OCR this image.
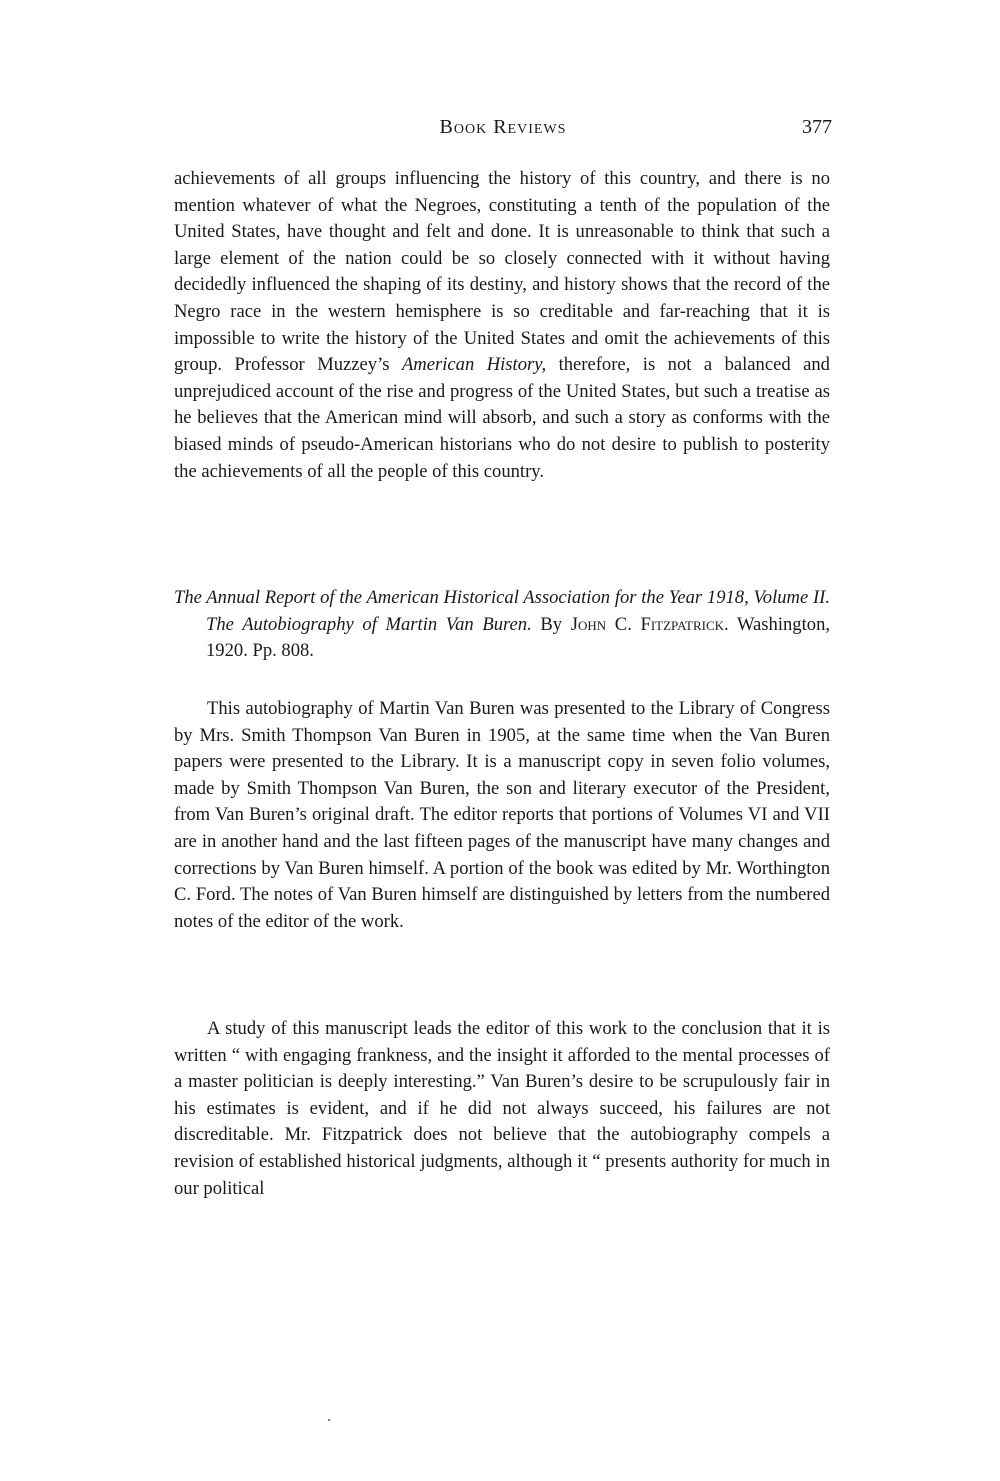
Book Reviews	377

achievements of all groups influencing the history of this country, and there is no mention whatever of what the Negroes, constituting a tenth of the population of the United States, have thought and felt and done. It is unreasonable to think that such a large element of the nation could be so closely connected with it without having decidedly influenced the shaping of its destiny, and history shows that the record of the Negro race in the western hemisphere is so creditable and far-reaching that it is impossible to write the history of the United States and omit the achievements of this group. Professor Muzzey’s American History, therefore, is not a balanced and unprejudiced account of the rise and progress of the United States, but such a treatise as he believes that the American mind will absorb, and such a story as conforms with the biased minds of pseudo-American historians who do not desire to publish to posterity the achievements of all the people of this country.

The Annual Report of the American Historical Association for the Year 1918, Volume II. The Autobiography of Martin Van Buren. By John C. Fitzpatrick. Washington, 1920. Pp. 808.

This autobiography of Martin Van Buren was presented to the Library of Congress by Mrs. Smith Thompson Van Buren in 1905, at the same time when the Van Buren papers were presented to the Library. It is a manuscript copy in seven folio volumes, made by Smith Thompson Van Buren, the son and literary executor of the President, from Van Buren’s original draft. The editor reports that portions of Volumes VI and VII are in another hand and the last fifteen pages of the manuscript have many changes and corrections by Van Buren himself. A portion of the book was edited by Mr. Worthington C. Ford. The notes of Van Buren himself are distinguished by letters from the numbered notes of the editor of the work.

A study of this manuscript leads the editor of this work to the conclusion that it is written “ with engaging frankness, and the insight it afforded to the mental processes of a master politician is deeply interesting.” Van Buren’s desire to be scrupulously fair in his estimates is evident, and if he did not always succeed, his failures are not discreditable. Mr. Fitzpatrick does not believe that the autobiography compels a revision of established historical judgments, although it “ presents authority for much in our political
